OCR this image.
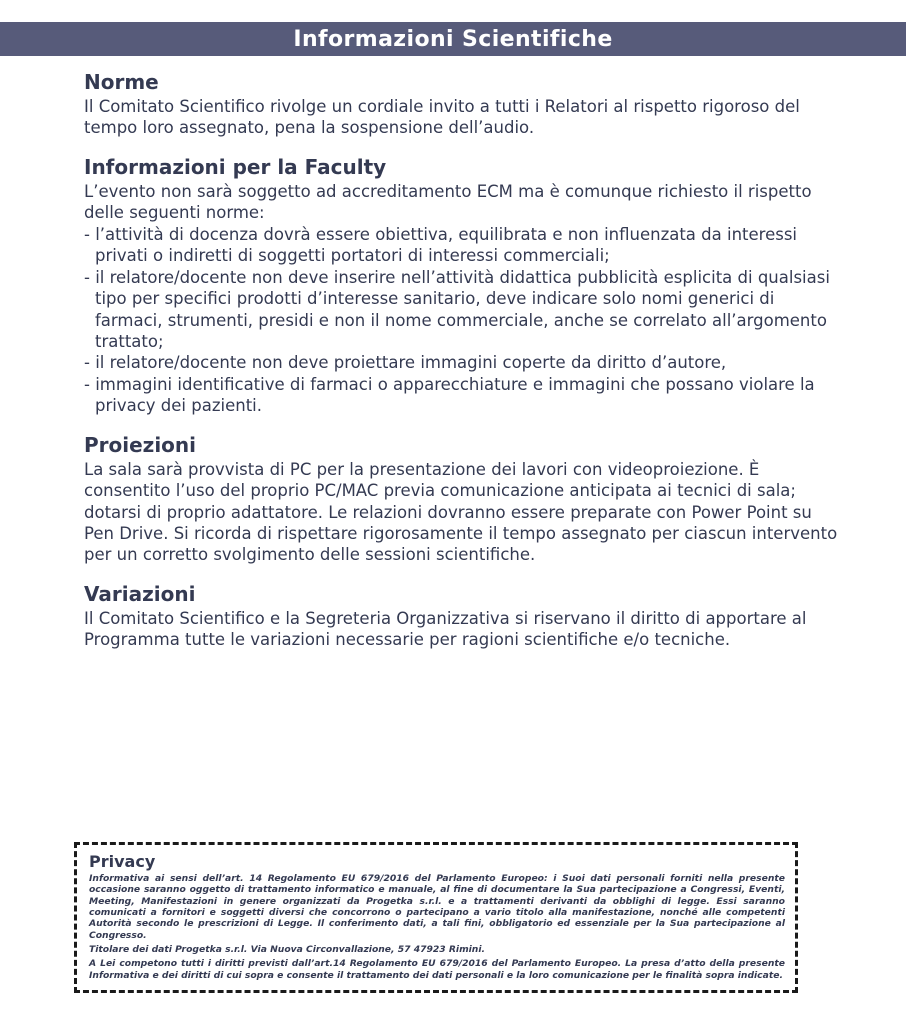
Informazioni Scientifiche
Norme

Il Comitato Scientifico rivolge un cordiale invito a tutti i Relatori al rispetto rigoroso del tempo loro assegnato, pena la sospensione dell’audio.

Informazioni per la Faculty

L’evento non sarà soggetto ad accreditamento ECM ma è comunque richiesto il rispetto delle seguenti norme:

- l’attività di docenza dovrà essere obiettiva, equilibrata e non influenzata da interessi privati o indiretti di soggetti portatori di interessi commerciali;
- il relatore/docente non deve inserire nell’attività didattica pubblicità esplicita di qualsiasi tipo per specifici prodotti d’interesse sanitario, deve indicare solo nomi generici di farmaci, strumenti, presidi e non il nome commerciale, anche se correlato all’argomento trattato;
- il relatore/docente non deve proiettare immagini coperte da diritto d’autore,
- immagini identificative di farmaci o apparecchiature e immagini che possano violare la privacy dei pazienti.
Proiezioni

La sala sarà provvista di PC per la presentazione dei lavori con videoproiezione. È consentito l’uso del proprio PC/MAC previa comunicazione anticipata ai tecnici di sala; dotarsi di proprio adattatore. Le relazioni dovranno essere preparate con Power Point su Pen Drive. Si ricorda di rispettare rigorosamente il tempo assegnato per ciascun intervento per un corretto svolgimento delle sessioni scientifiche.

Variazioni

Il Comitato Scientifico e la Segreteria Organizzativa si riservano il diritto di apportare al Programma tutte le variazioni necessarie per ragioni scientifiche e/o tecniche.

Privacy

Informativa ai sensi dell’art. 14 Regolamento EU 679/2016 del Parlamento Europeo: i Suoi dati personali forniti nella presente occasione saranno oggetto di trattamento informatico e manuale, al fine di documentare la Sua partecipazione a Congressi, Eventi, Meeting, Manifestazioni in genere organizzati da Progetka s.r.l. e a trattamenti derivanti da obblighi di legge. Essi saranno comunicati a fornitori e soggetti diversi che concorrono o partecipano a vario titolo alla manifestazione, nonché alle competenti Autorità secondo le prescrizioni di Legge. Il conferimento dati, a tali fini, obbligatorio ed essenziale per la Sua partecipazione al Congresso.

Titolare dei dati Progetka s.r.l. Via Nuova Circonvallazione, 57 47923 Rimini.

A Lei competono tutti i diritti previsti dall’art.14 Regolamento EU 679/2016 del Parlamento Europeo. La presa d’atto della presente Informativa e dei diritti di cui sopra e consente il trattamento dei dati personali e la loro comunicazione per le finalità sopra indicate.
